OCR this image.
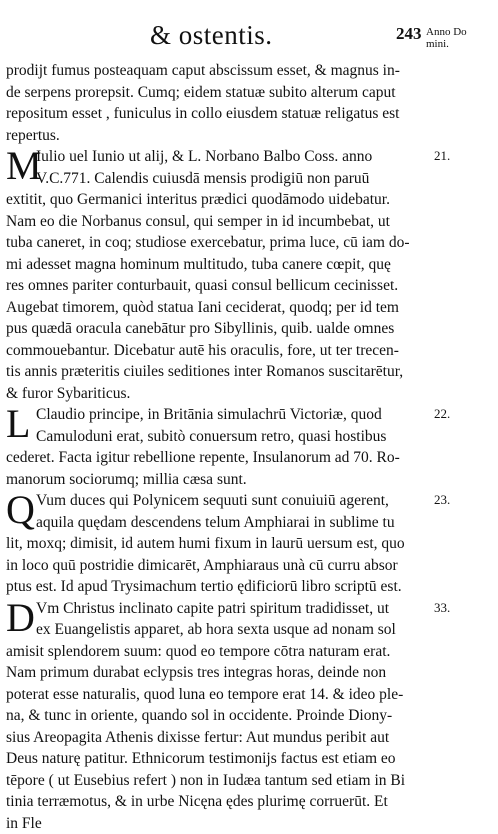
& ostentis.	243 Anno Do
mini.
prodijt fumus posteaquam caput abscissum esset, & magnus in-
de serpens prorepsit. Cumq; eidem statuæ subito alterum caput
repositum esset , funiculus in collo eiusdem statuæ religatus est
repertus.
Iulio uel Iunio ut alij, & L. Norbano Balbo Coss. anno
V.C.771. Calendis cuiusdā mensis prodigiū non paruū
extitit, quo Germanici interitus prædici quodāmodo uidebatur.
Nam eo die Norbanus consul, qui semper in id incumbebat, ut
tuba caneret, in coq; studiose exercebatur, prima luce, cū iam do-
mi adesset magna hominum multitudo, tuba canere cœpit, quę
res omnes pariter conturbauit, quasi consul bellicum cecinisset.
Augebat timorem, quòd statua Iani ceciderat, quodq; per id tem
pus quædā oracula canebātur pro Sibyllinis, quib. ualde omnes
commouebantur. Dicebatur autē his oraculis, fore, ut ter trecen-
tis annis præteritis ciuiles seditiones inter Romanos suscitarētur,
& furor Sybariticus.
M
Claudio principe, in Britānia simulachrū Victoriæ, quod
Camuloduni erat, subitò conuersum retro, quasi hostibus
cederet. Facta igitur rebellione repente, Insulanorum ad 70. Ro-
manorum sociorumq; millia cæsa sunt.
L
Vum duces qui Polynicem sequuti sunt conuiuiū agerent,
aquila quędam descendens telum Amphiarai in sublime tu
lit, moxq; dimisit, id autem humi fixum in laurū uersum est, quo
in loco quū postridie dimicarēt, Amphiaraus unà cū curru absor
ptus est. Id apud Trysimachum tertio ędificiorū libro scriptū est.
Q
Vm Christus inclinato capite patri spiritum tradidisset, ut
ex Euangelistis apparet, ab hora sexta usque ad nonam sol
amisit splendorem suum: quod eo tempore cōtra naturam erat.
Nam primum durabat eclypsis tres integras horas, deinde non
poterat esse naturalis, quod luna eo tempore erat 14. & ideo ple-
na, & tunc in oriente, quando sol in occidente. Proinde Diony-
sius Areopagita Athenis dixisse fertur: Aut mundus peribit aut
Deus naturę patitur. Ethnicorum testimonijs factus est etiam eo
tēpore ( ut Eusebius refert ) non in Iudæa tantum sed etiam in Bi
tinia terræmotus, & in urbe Nicęna ędes plurimę corruerūt. Et
in Fle
D
21.
22.
23.
33.
